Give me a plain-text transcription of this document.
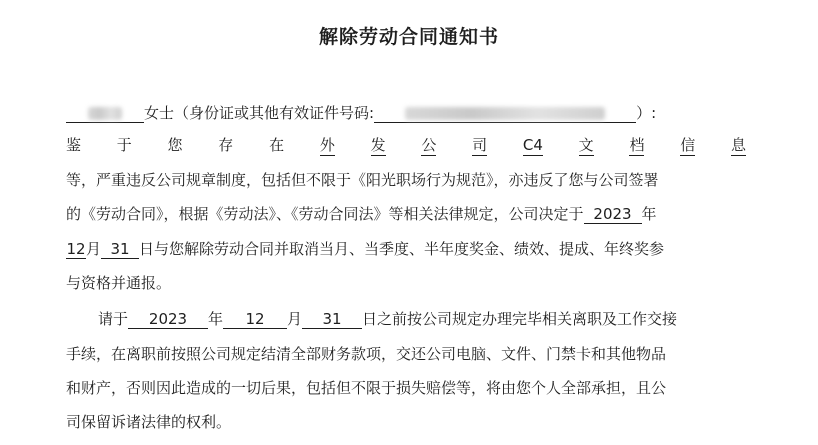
解除劳动合同通知书
女士（身份证或其他有效证件号码:	）:
鉴 于 您 存 在 外 发 公 司 C4 文 档 信 息
等，严重违反公司规章制度，包括但不限于《阳光职场行为规范》，亦违反了您与公司签署
的《劳动合同》，根据《劳动法》、《劳动合同法》等相关法律规定，公司决定于 2023 年
12月 31 日与您解除劳动合同并取消当月、当季度、半年度奖金、绩效、提成、年终奖参
与资格并通报。
请于 2023 年 12 月 31 日之前按公司规定办理完毕相关离职及工作交接
手续，在离职前按照公司规定结清全部财务款项，交还公司电脑、文件、门禁卡和其他物品
和财产，否则因此造成的一切后果，包括但不限于损失赔偿等，将由您个人全部承担，且公
司保留诉诸法律的权利。
